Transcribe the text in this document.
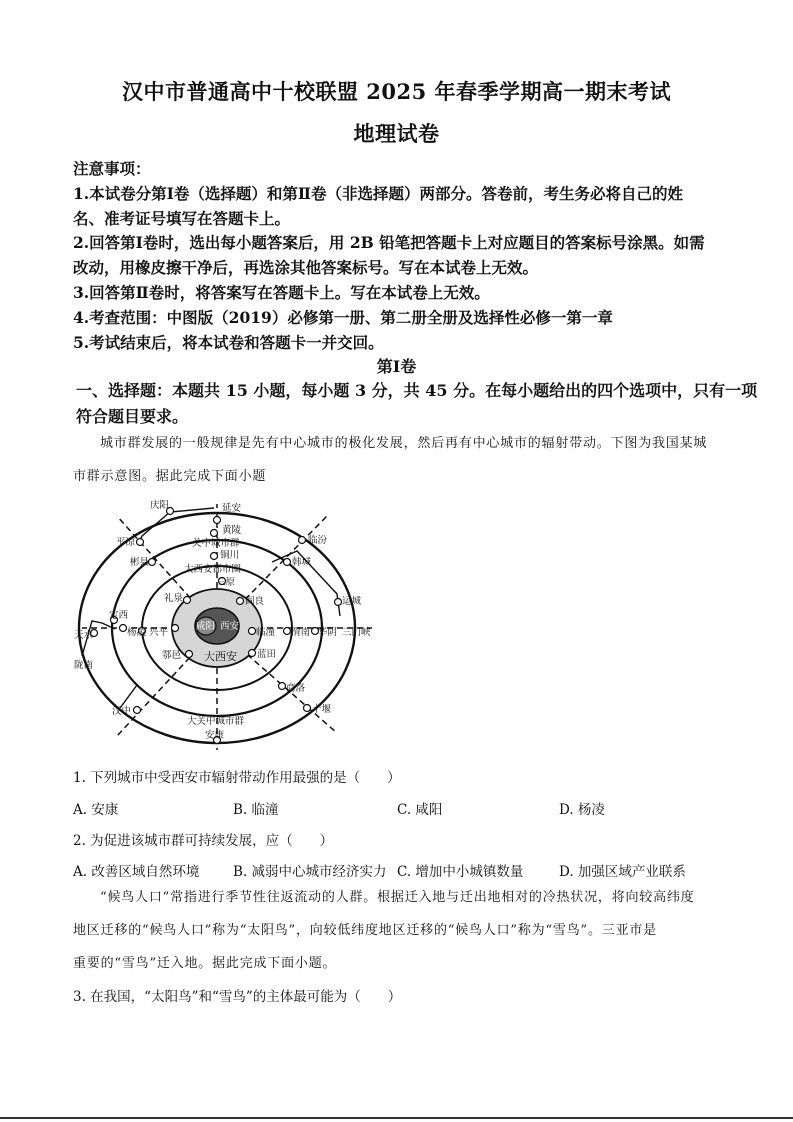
汉中市普通高中十校联盟 2025 年春季学期高一期末考试
地理试卷
注意事项：
1.本试卷分第Ⅰ卷（选择题）和第Ⅱ卷（非选择题）两部分。答卷前，考生务必将自己的姓
名、准考证号填写在答题卡上。
2.回答第Ⅰ卷时，选出每小题答案后，用 2B 铅笔把答题卡上对应题目的答案标号涂黑。如需
改动，用橡皮擦干净后，再选涂其他答案标号。写在本试卷上无效。
3.回答第Ⅱ卷时，将答案写在答题卡上。写在本试卷上无效。
4.考查范围：中图版（2019）必修第一册、第二册全册及选择性必修一第一章
5.考试结束后，将本试卷和答题卡一并交回。
第Ⅰ卷
一、选择题：本题共 15 小题，每小题 3 分，共 45 分。在每小题给出的四个选项中，只有一项
符合题目要求。
城市群发展的一般规律是先有中心城市的极化发展，然后再有中心城市的辐射带动。下图为我国某城
市群示意图。据此完成下面小题
延安
庆阳
黄陵
关中城市群
铜川
大西安都市圈
三原
临汾
韩城
平凉
彬县
礼泉	阎良	运城
定西
天水
陇南
杨凌 兴平
咸阳 西安
临潼 渭南 华阴 三门峡
鄠邑 大西安 蓝田
商洛
汉中	十堰
大关中城市群
安康
1. 下列城市中受西安市辐射带动作用最强的是（　　）
A. 安康	B. 临潼	C. 咸阳	D. 杨凌
2. 为促进该城市群可持续发展，应（　　）
A. 改善区域自然环境 B. 减弱中心城市经济实力 C. 增加中小城镇数量	D. 加强区域产业联系
“候鸟人口”常指进行季节性往返流动的人群。根据迁入地与迁出地相对的冷热状况，将向较高纬度
地区迁移的“候鸟人口”称为“太阳鸟”，向较低纬度地区迁移的“候鸟人口”称为“雪鸟”。三亚市是
重要的“雪鸟”迁入地。据此完成下面小题。
3. 在我国，“太阳鸟”和“雪鸟”的主体最可能为（　　）
